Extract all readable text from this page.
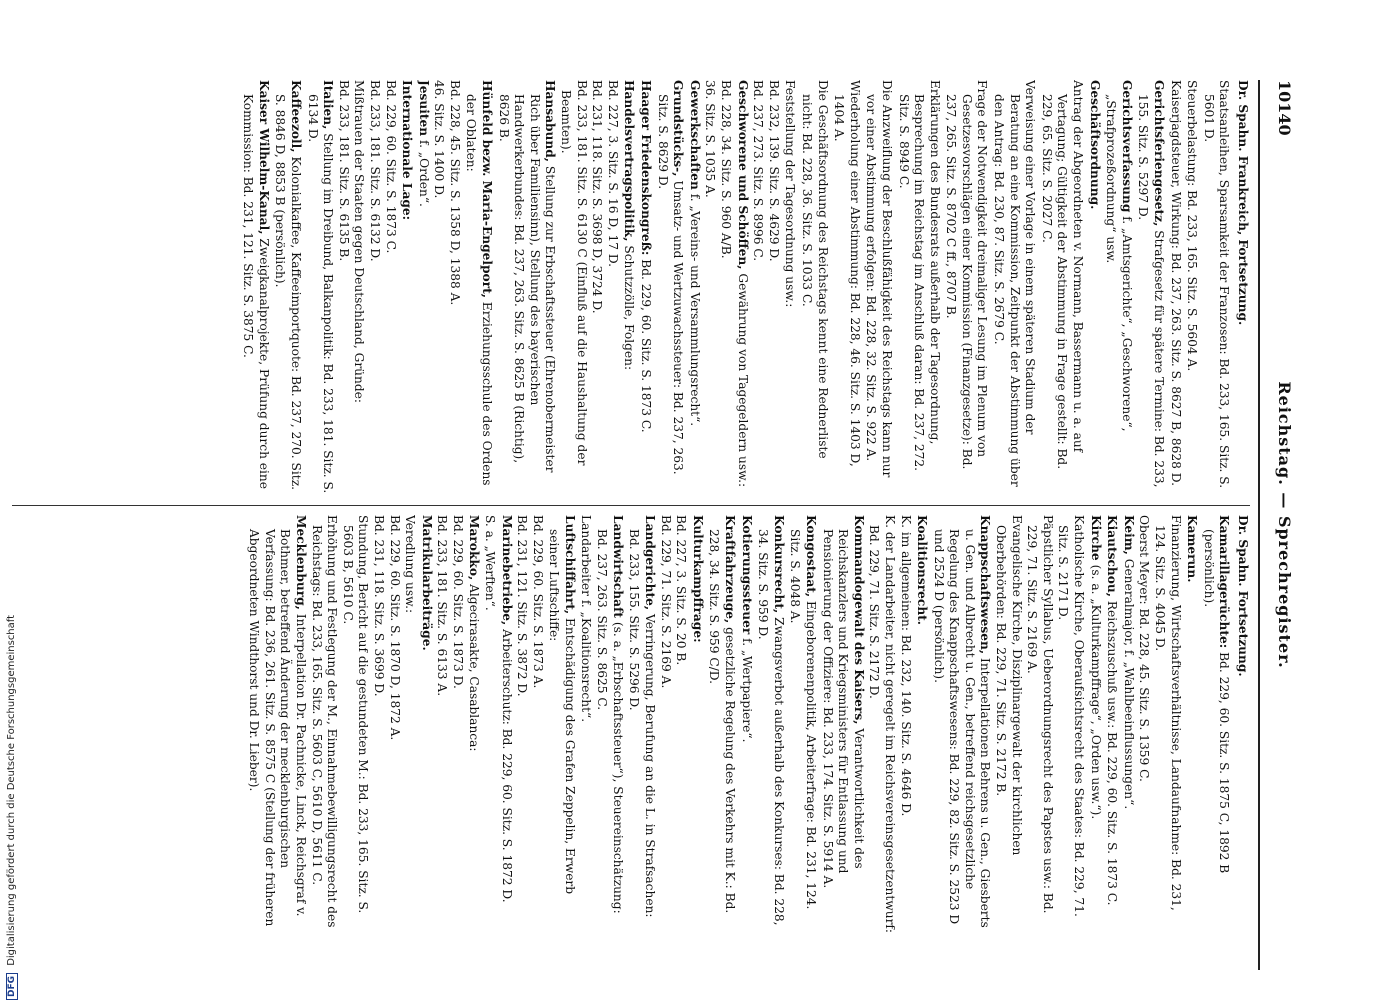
10140
Reichstag. — Sprechregister.

Dr. Spahn. Frankreich, Fortsetzung.

Staatsanleihen, Sparsamkeit der Franzosen: Bd. 233, 165. Sitz. S. 5601 D.

Steuerbelastung: Bd. 233, 165. Sitz. S. 5604 A.

Kaiserjagdsteuer, Wirkung: Bd. 237, 263. Sitz. S. 8627 B, 8628 D.

Gerichtsferiengesetz, Strafgesetz für spätere Termine: Bd. 233, 155. Sitz. S. 5297 D.

Gerichtsverfassung f. „Amtsgerichte“, „Geschworene“, „Strafprozeßordnung“ usw.

Geschäftsordnung.

Antrag der Abgeordneten v. Normann, Bassermann u. a. auf Vertagung; Gültigkeit der Abstimmung in Frage gestellt: Bd. 229, 65. Sitz. S. 2027 C.

Verweisung einer Vorlage in einem späteren Stadium der Beratung an eine Kommission, Zeitpunkt der Abstimmung über den Antrag: Bd. 230, 87. Sitz. S. 2679 C.

Frage der Notwendigkeit dreimaliger Lesung im Plenum von Gesetzesvorschlägen einer Kommission (Finanzgesetze): Bd. 237, 265. Sitz. S. 8702 C ff., 8707 B.

Erklärungen des Bundesrats außerhalb der Tagesordnung, Besprechung im Reichstag im Anschluß daran: Bd. 237, 272. Sitz. S. 8949 C.

Die Anzweiflung der Beschlußfähigkeit des Reichstags kann nur vor einer Abstimmung erfolgen: Bd. 228, 32. Sitz. S. 922 A.

Wiederholung einer Abstimmung: Bd. 228, 46. Sitz. S. 1403 D, 1404 A.

Die Geschäftsordnung des Reichstags kennt eine Rednerliste nicht: Bd. 228, 36. Sitz. S. 1033 C.

Feststellung der Tagesordnung usw.:

Bd. 232, 139. Sitz. S. 4629 D.

Bd. 237, 273. Sitz. S. 8996 C.

Geschworene und Schöffen, Gewährung von Tagegeldern usw.:

Bd. 228, 34. Sitz. S. 960 A/B.

36. Sitz. S. 1035 A.

Gewerkschaften f. „Vereins- und Versammlungsrecht“.

Grundstücks-, Umsatz- und Wertzuwachssteuer: Bd. 237, 263. Sitz. S. 8629 D.

Haager Friedenskongreß: Bd. 229, 60. Sitz. S. 1873 C.

Handelsvertragspolitik, Schutzzölle, Folgen:

Bd. 227, 3. Sitz. S. 16 D, 17 D.

Bd. 231, 118. Sitz. S. 3698 D, 3724 D.

Bd. 233, 181. Sitz. S. 6130 C (Einfluß auf die Haushaltung der Beamten).

Hansabund, Stellung zur Erbschaftssteuer (Ehrenobermeister Rich über Familiensinn), Stellung des bayerischen Handwerkerbundes: Bd. 237, 263. Sitz. S. 8625 B (Richtig), 8626 B.

Hünfeld bezw. Maria-Engelport, Erziehungsschule des Ordens der Oblaten:

Bd. 228, 45. Sitz. S. 1358 D, 1388 A.

46. Sitz. S. 1400 D.

Jesuiten f. „Orden“.

Internationale Lage:

Bd. 229, 60. Sitz. S. 1873 C.

Bd. 233, 181. Sitz. S. 6132 D.

Mißtrauen der Staaten gegen Deutschland, Gründe:

Bd. 233, 181. Sitz. S. 6135 B.

Italien, Stellung im Dreibund, Balkanpolitik: Bd. 233, 181. Sitz. S. 6134 D.

Kaffeezoll, Kolonialkaffee, Kaffeeimportquote: Bd. 237, 270. Sitz. S. 8846 D, 8853 B (persönlich).

Kaiser Wilhelm-Kanal, Zweigkanalprojekte, Prüfung durch eine Kommission: Bd. 231, 121. Sitz. S. 3875 C.

Dr. Spahn. Fortsetzung.

Kamarillagerüchte: Bd. 229, 60. Sitz. S. 1875 C, 1892 B (persönlich).

Kamerun.

Finanzierung, Wirtschaftsverhältnisse, Landaufnahme: Bd. 231, 124. Sitz. S. 4045 D.

Oberst Meyer: Bd. 228, 45. Sitz. S. 1359 C.

Keim, Generalmajor, f. „Wahlbeeinflussungen“.

Kiautschou, Reichszuschuß usw.: Bd. 229, 60. Sitz. S. 1873 C.

Kirche (s. a. „Kulturkampffrage“, „Orden usw.“).

Katholische Kirche, Oberaufsichtsrecht des Staates: Bd. 229, 71. Sitz. S. 2171 D.

Päpstlicher Syllabus, Ueberordnungsrecht des Papstes usw.: Bd. 229, 71. Sitz. S. 2169 A.

Evangelische Kirche, Disziplinargewalt der kirchlichen Oberbehörden: Bd. 229, 71. Sitz. S. 2172 B.

Knappschaftswesen, Interpellationen Behrens u. Gen., Giesberts u. Gen. und Albrecht u. Gen., betreffend reichsgesetzliche Regelung des Knappschaftswesens: Bd. 229, 82. Sitz. S. 2523 D und 2524 D (persönlich).

Koalitionsrecht.

K. im allgemeinen: Bd. 232, 140. Sitz. S. 4646 D.

K. der Landarbeiter, nicht geregelt im Reichsvereinsgesetzentwurf: Bd. 229, 71. Sitz. S. 2172 D.

Kommandogewalt des Kaisers, Verantwortlichkeit des Reichskanzlers und Kriegsministers für Entlassung und Pensionierung der Offiziere: Bd. 233, 174. Sitz. S. 5914 A.

Kongostaat, Eingeborenenpolitik, Arbeiterfrage: Bd. 231, 124. Sitz. S. 4048 A.

Konkursrecht, Zwangsverbot außerhalb des Konkurses: Bd. 228, 34. Sitz. S. 959 D.

Kotierungssteuer f. „Wertpapiere“.

Kraftfahrzeuge, gesetzliche Regelung des Verkehrs mit K.: Bd. 228, 34. Sitz. S. 959 C/D.

Kulturkampffrage:

Bd. 227, 3. Sitz. S. 20 B.

Bd. 229, 71. Sitz. S. 2169 A.

Landgerichte, Verringerung, Berufung an die L. in Strafsachen: Bd. 233, 155. Sitz. S. 5296 D.

Landwirtschaft (s. a. „Erbschaftssteuer“), Steuereinschätzung: Bd. 237, 263. Sitz. S. 8625 C.

Landarbeiter f. „Koalitionsrecht“.

Luftschiffahrt, Entschädigung des Grafen Zeppelin, Erwerb seiner Luftschiffe:

Bd. 229, 60. Sitz. S. 1873 A.

Bd. 231, 121. Sitz. S. 3872 D.

Marinebetriebe, Arbeiterschutz: Bd. 229, 60. Sitz. S. 1872 D.

S. a. „Werften“.

Marokko, Algecirasakte, Casablanca:

Bd. 229, 60. Sitz. S. 1873 D.

Bd. 233, 181. Sitz. S. 6133 A.

Matrikularbeiträge.

Veredlung usw.:

Bd. 229, 60. Sitz. S. 1870 D, 1872 A.

Bd. 231, 118. Sitz. S. 3699 D.

Stundung, Bericht auf die gestundeten M.: Bd. 233, 165. Sitz. S. 5603 B, 5610 C.

Erhöhung und Festlegung der M., Einnahmebewilligungsrecht des Reichstags: Bd. 233, 165. Sitz. S. 5603 C, 5610 D, 5611 C.

Mecklenburg, Interpellation Dr. Pachnicke, Linck, Reichsgraf v. Bothmer, betreffend Änderung der mecklenburgischen Verfassung: Bd. 236, 261. Sitz. S. 8575 C (Stellung der früheren Abgeordneten Windthorst und Dr. Lieber).

DFG Digitalisierung gefördert durch die Deutsche Forschungsgemeinschaft
